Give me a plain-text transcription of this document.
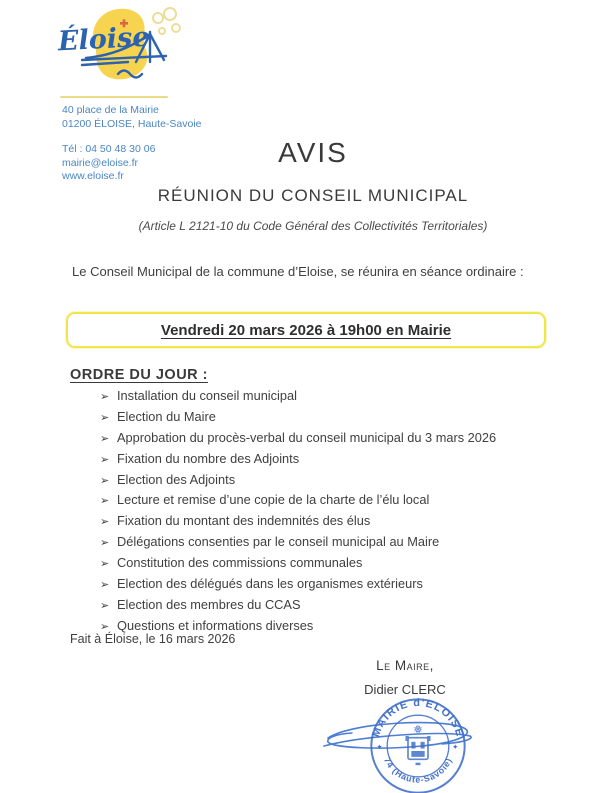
Éloise
40 place de la Mairie
01200 ÉLOISE, Haute-Savoie
Tél : 04 50 48 30 06
mairie@eloise.fr
www.eloise.fr
AVIS
RÉUNION DU CONSEIL MUNICIPAL
(Article L 2121-10 du Code Général des Collectivités Territoriales)
Le Conseil Municipal de la commune d’Eloise, se réunira en séance ordinaire :
Vendredi 20 mars 2026 à 19h00 en Mairie
ORDRE DU JOUR :
➢ Installation du conseil municipal
➢ Election du Maire
➢ Approbation du procès-verbal du conseil municipal du 3 mars 2026
➢ Fixation du nombre des Adjoints
➢ Election des Adjoints
➢ Lecture et remise d’une copie de la charte de l’élu local
➢ Fixation du montant des indemnités des élus
➢ Délégations consenties par le conseil municipal au Maire
➢ Constitution des commissions communales
➢ Election des délégués dans les organismes extérieurs
➢ Election des membres du CCAS
➢ Questions et informations diverses
Fait à Éloise, le 16 mars 2026
Le Maire,
Didier CLERC
MAIRIE d'ELOISE
74 (Haute-Savoie)
✦	✦
❅
